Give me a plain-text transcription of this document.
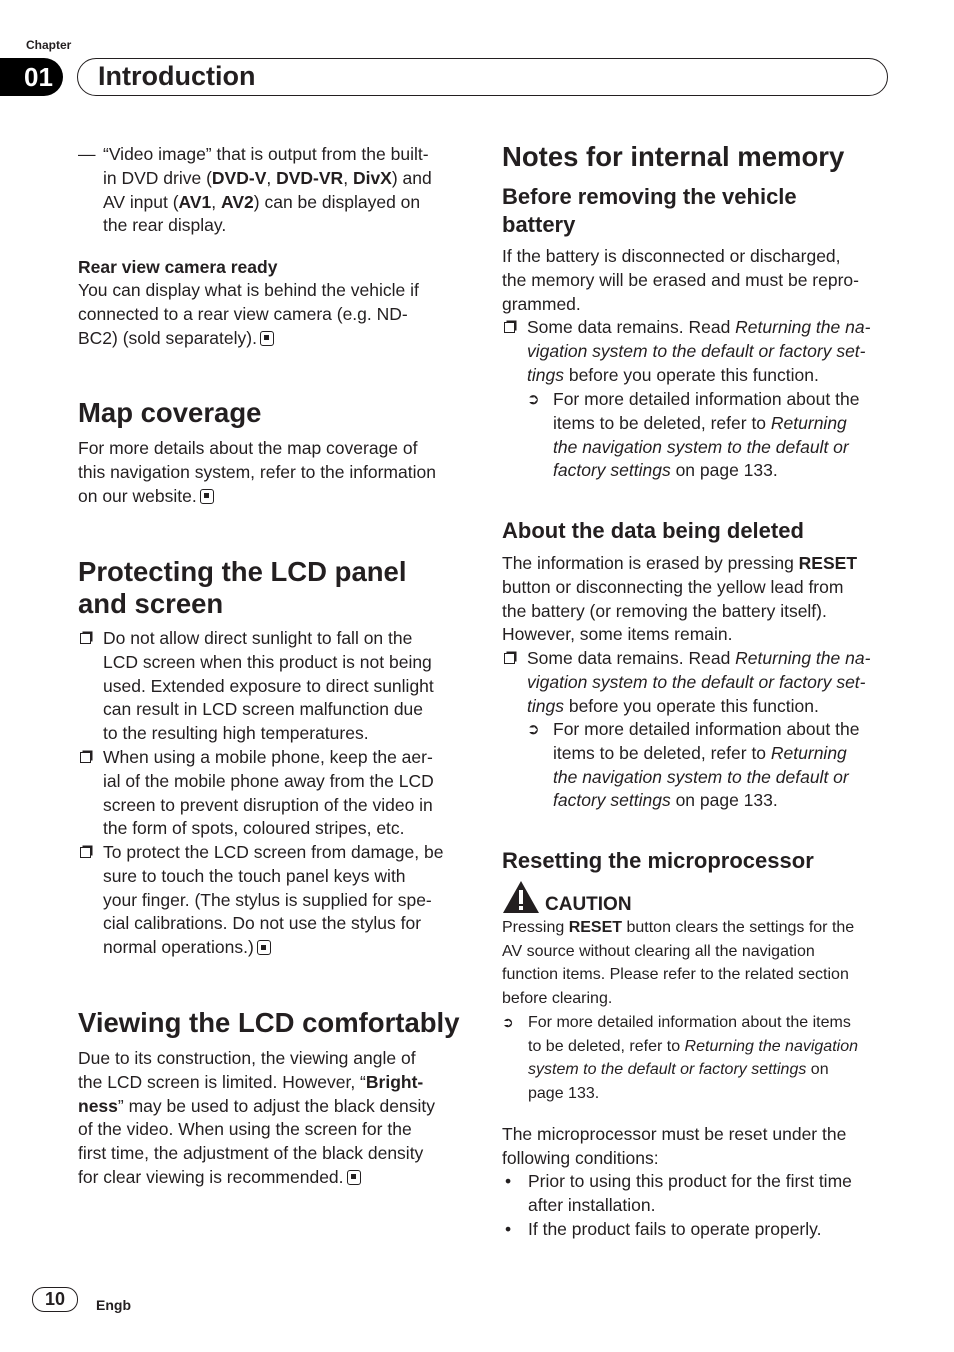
Chapter
01	Introduction
— “Video image” that is output from the built-
in DVD drive (DVD-V, DVD-VR, DivX) and
AV input (AV1, AV2) can be displayed on
the rear display.
Rear view camera ready
You can display what is behind the vehicle if
connected to a rear view camera (e.g. ND-
BC2) (sold separately).
Map coverage
For more details about the map coverage of
this navigation system, refer to the information
on our website.
Protecting the LCD panel
and screen
Do not allow direct sunlight to fall on the
LCD screen when this product is not being
used. Extended exposure to direct sunlight
can result in LCD screen malfunction due
to the resulting high temperatures.
When using a mobile phone, keep the aer-
ial of the mobile phone away from the LCD
screen to prevent disruption of the video in
the form of spots, coloured stripes, etc.
To protect the LCD screen from damage, be
sure to touch the touch panel keys with
your finger. (The stylus is supplied for spe-
cial calibrations. Do not use the stylus for
normal operations.)
Viewing the LCD comfortably
Due to its construction, the viewing angle of
the LCD screen is limited. However, “Bright-
ness” may be used to adjust the black density
of the video. When using the screen for the
first time, the adjustment of the black density
for clear viewing is recommended.
Notes for internal memory
Before removing the vehicle
battery
If the battery is disconnected or discharged,
the memory will be erased and must be repro-
grammed.
Some data remains. Read Returning the na-
vigation system to the default or factory set-
tings before you operate this function.
➲ For more detailed information about the
items to be deleted, refer to Returning
the navigation system to the default or
factory settings on page 133.
About the data being deleted
The information is erased by pressing RESET
button or disconnecting the yellow lead from
the battery (or removing the battery itself).
However, some items remain.
Some data remains. Read Returning the na-
vigation system to the default or factory set-
tings before you operate this function.
➲ For more detailed information about the
items to be deleted, refer to Returning
the navigation system to the default or
factory settings on page 133.
Resetting the microprocessor
CAUTION
Pressing RESET button clears the settings for the
AV source without clearing all the navigation
function items. Please refer to the related section
before clearing.
➲ For more detailed information about the items
to be deleted, refer to Returning the navigation
system to the default or factory settings on
page 133.
The microprocessor must be reset under the
following conditions:
• Prior to using this product for the first time
after installation.
• If the product fails to operate properly.
10	Engb
